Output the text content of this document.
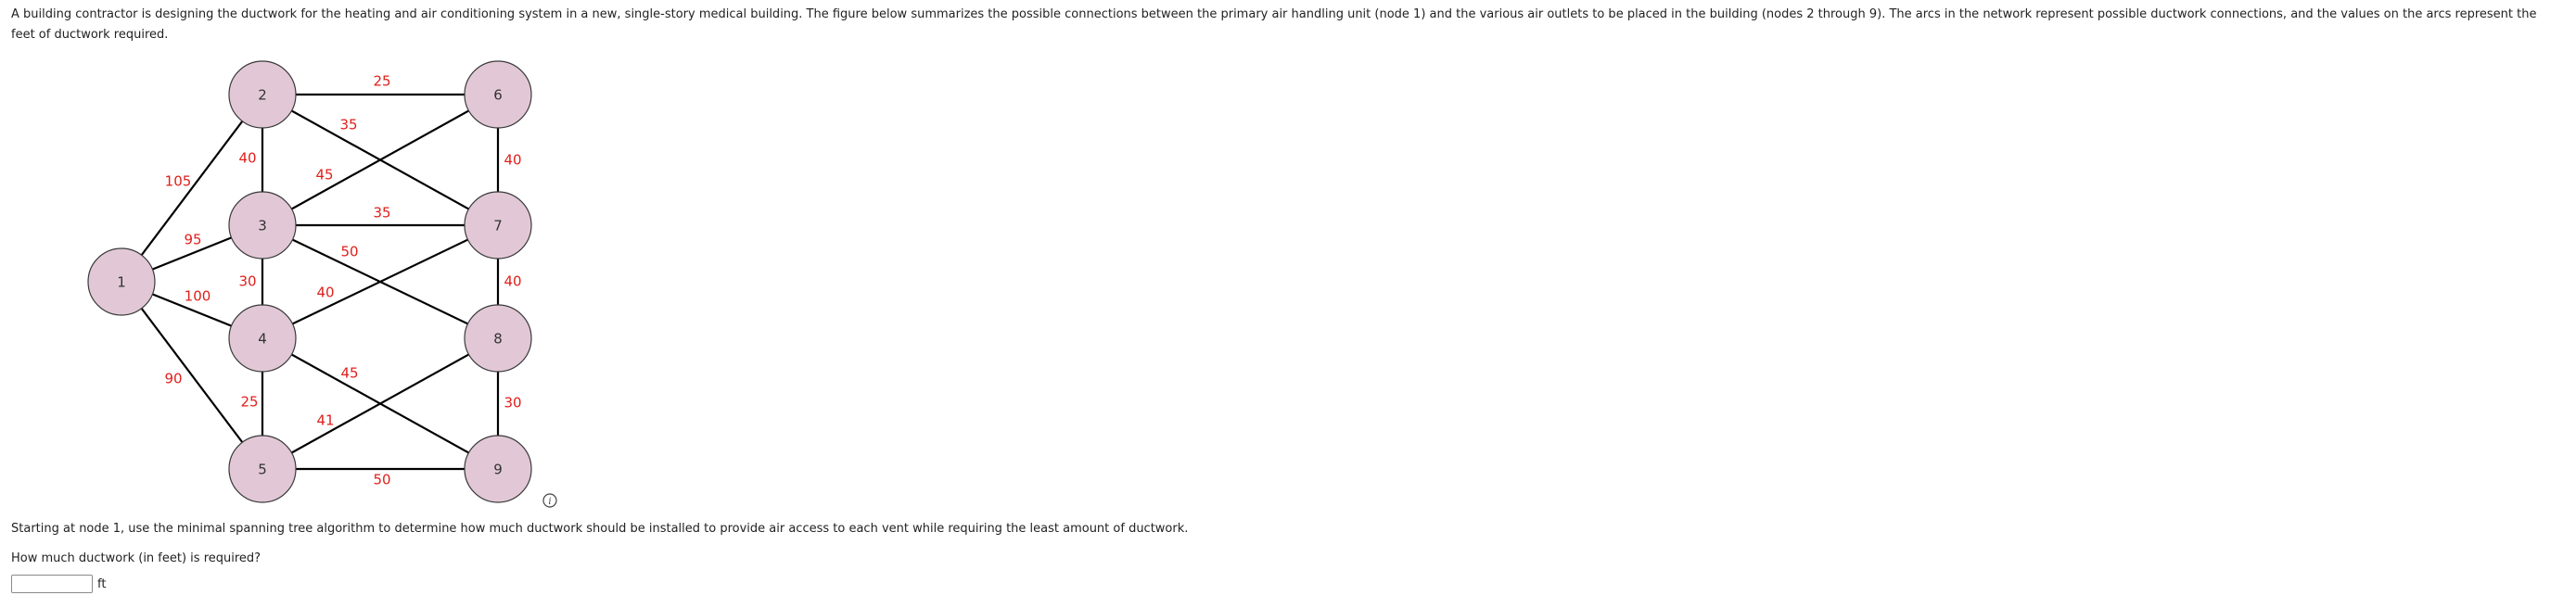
A building contractor is designing the ductwork for the heating and air conditioning system in a new, single-story medical building. The figure below summarizes the possible connections between the primary air handling unit (node 1) and the various air outlets to be placed in the building (nodes 2 through 9). The arcs in the network represent possible ductwork connections, and the values on the arcs represent the feet of ductwork required.

105
95
100
90
40
25
35
45
35
50
30
40
45
25
41
50
40
40
30
1
2
3
4
5
6
7
8
9
i

Starting at node 1, use the minimal spanning tree algorithm to determine how much ductwork should be installed to provide air access to each vent while requiring the least amount of ductwork.

How much ductwork (in feet) is required?

ft
